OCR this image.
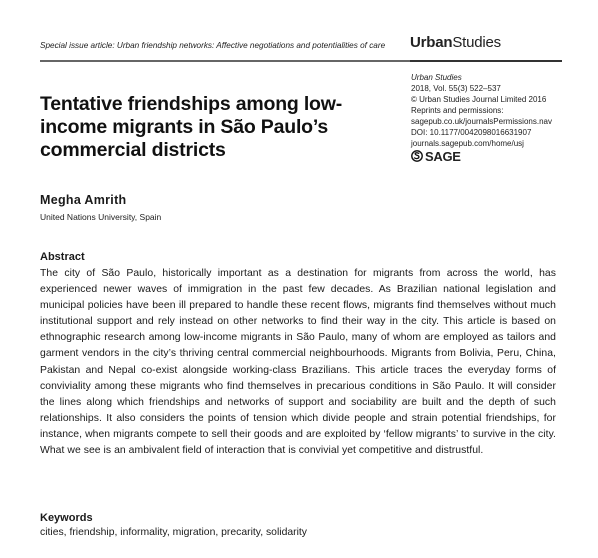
Special issue article: Urban friendship networks: Affective negotiations and potentialities of care UrbanStudies
Urban Studies
2018, Vol. 55(3) 522–537
© Urban Studies Journal Limited 2016
Reprints and permissions:
sagepub.co.uk/journalsPermissions.nav
DOI: 10.1177/0042098016631907
journals.sagepub.com/home/usj
SAGE
Tentative friendships among low-income migrants in São Paulo’s commercial districts
Megha Amrith
United Nations University, Spain
Abstract
The city of São Paulo, historically important as a destination for migrants from across the world, has experienced newer waves of immigration in the past few decades. As Brazilian national legislation and municipal policies have been ill prepared to handle these recent flows, migrants find themselves without much institutional support and rely instead on other networks to find their way in the city. This article is based on ethnographic research among low-income migrants in São Paulo, many of whom are employed as tailors and garment vendors in the city’s thriving central commercial neighbourhoods. Migrants from Bolivia, Peru, China, Pakistan and Nepal co-exist alongside working-class Brazilians. This article traces the everyday forms of conviviality among these migrants who find themselves in precarious conditions in São Paulo. It will consider the lines along which friendships and networks of support and sociability are built and the depth of such relationships. It also considers the points of tension which divide people and strain potential friendships, for instance, when migrants compete to sell their goods and are exploited by ‘fellow migrants’ to survive in the city. What we see is an ambivalent field of interaction that is convivial yet competitive and distrustful.
Keywords
cities, friendship, informality, migration, precarity, solidarity
